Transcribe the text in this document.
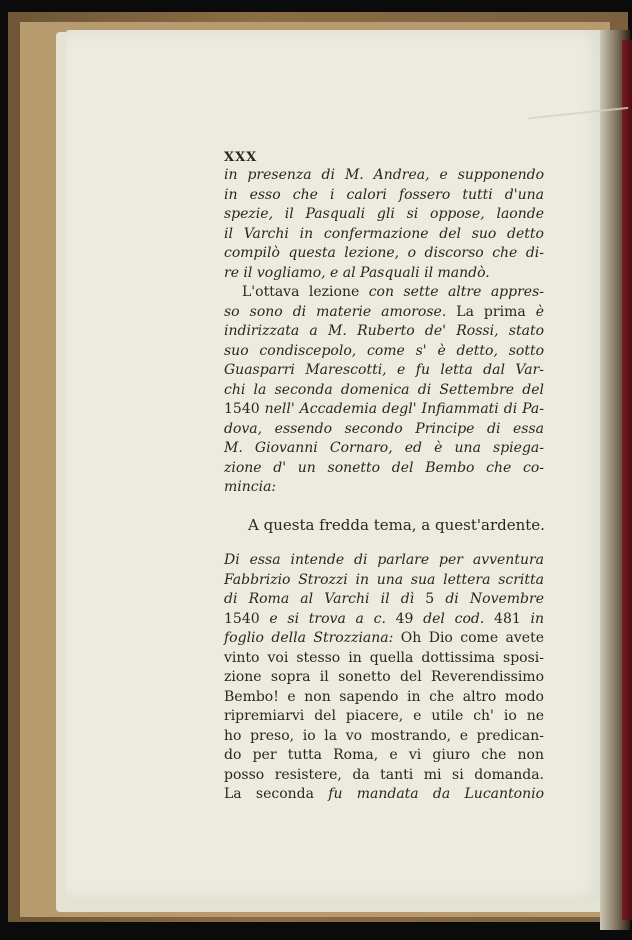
XXX
in presenza di M. Andrea, e supponendo
in esso che i calori fossero tutti d'una
spezie, il Pasquali gli si oppose, laonde
il Varchi in confermazione del suo detto
compilò questa lezione, o discorso che di-
re il vogliamo, e al Pasquali il mandò.
L'ottava lezione con sette altre appres-
so sono di materie amorose. La prima è
indirizzata a M. Ruberto de' Rossi, stato
suo condiscepolo, come s' è detto, sotto
Guasparri Marescotti, e fu letta dal Var-
chi la seconda domenica di Settembre del
1540 nell' Accademia degl' Infiammati di Pa-
dova, essendo secondo Principe di essa
M. Giovanni Cornaro, ed è una spiega-
zione d' un sonetto del Bembo che co-
mincia:
A questa fredda tema, a quest'ardente.
Di essa intende di parlare per avventura
Fabbrizio Strozzi in una sua lettera scritta
di Roma al Varchi il dì 5 di Novembre
1540 e si trova a c. 49 del cod. 481 in
foglio della Strozziana: Oh Dio come avete
vinto voi stesso in quella dottissima sposi-
zione sopra il sonetto del Reverendissimo
Bembo! e non sapendo in che altro modo
ripremiarvi del piacere, e utile ch' io ne
ho preso, io la vo mostrando, e predican-
do per tutta Roma, e vi giuro che non
posso resistere, da tanti mi si domanda.
La seconda fu mandata da Lucantonio
